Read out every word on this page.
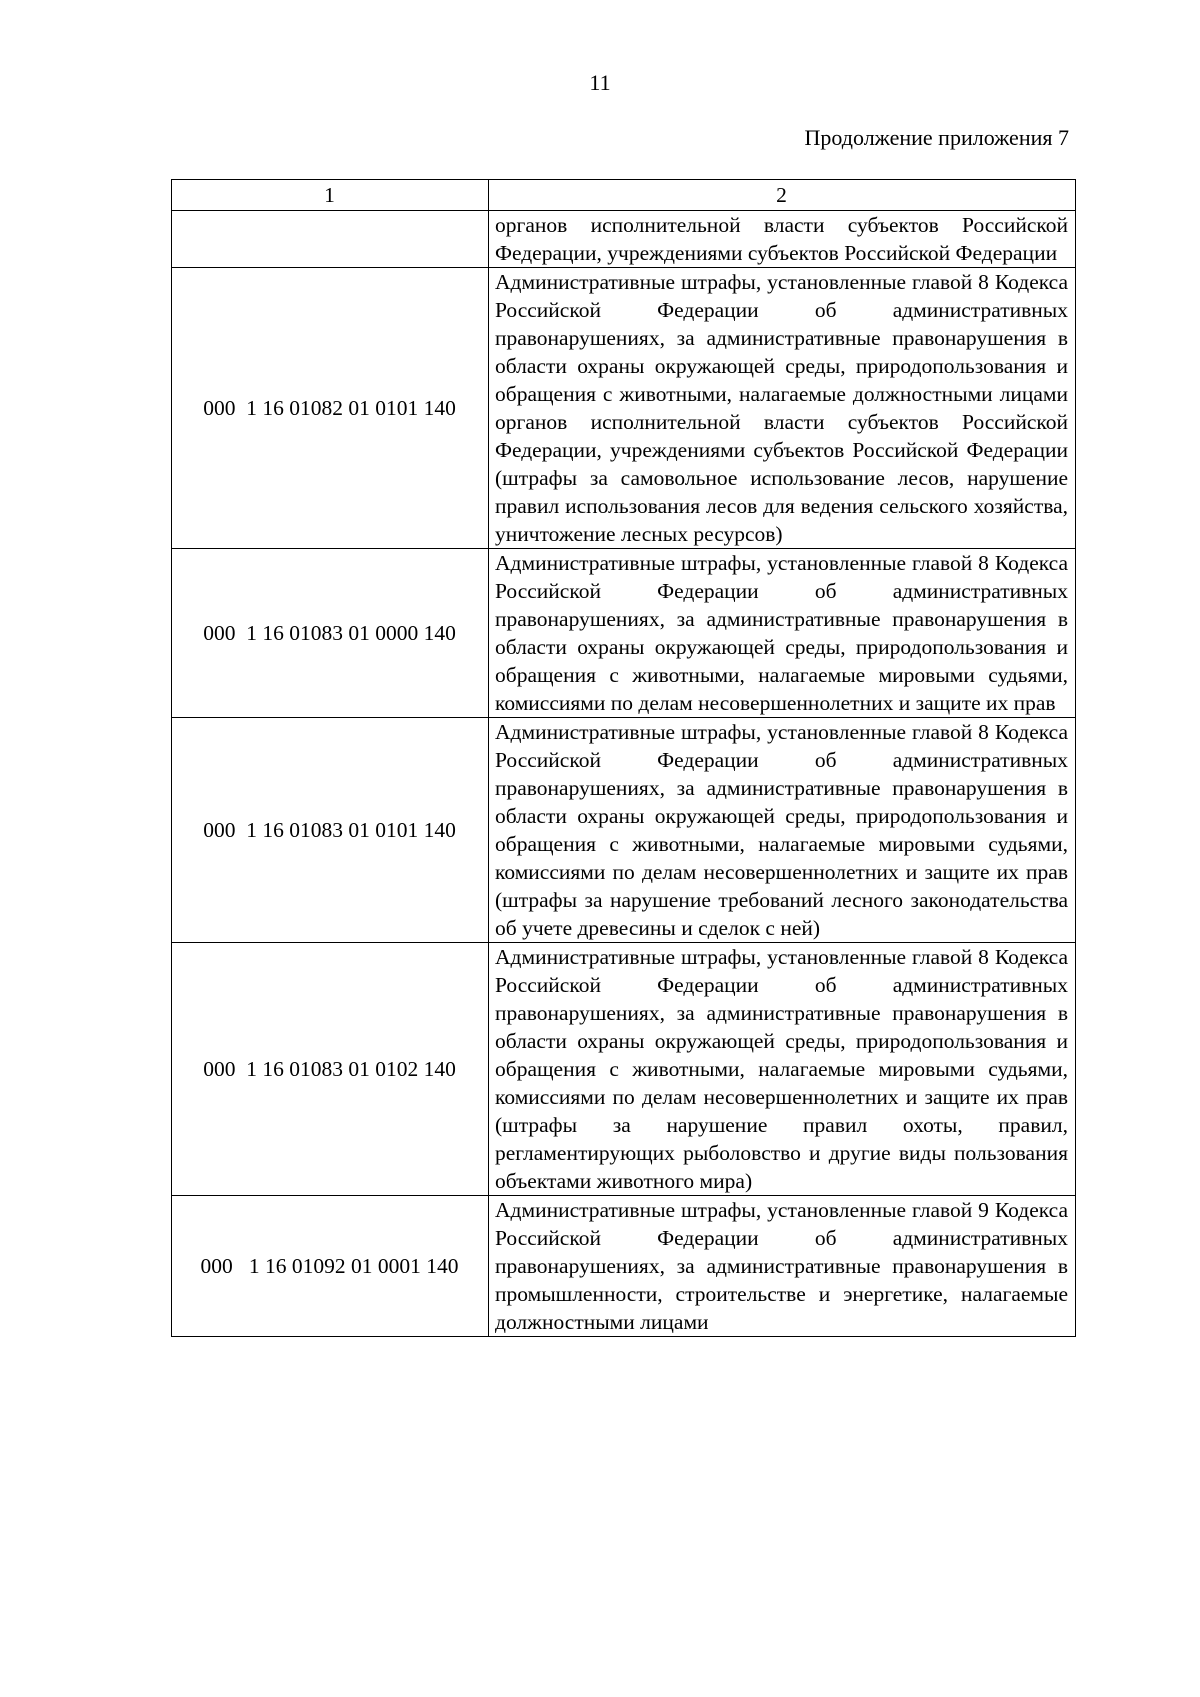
11
Продолжение приложения 7
1	2
	органов исполнительной власти субъектов Российской Федерации, учреждениями субъектов Российской Федерации
000  1 16 01082 01 0101 140	Административные штрафы, установленные главой 8 Кодекса Российской Федерации об административных правонарушениях, за административные правонарушения в области охраны окружающей среды, природопользования и обращения с животными, налагаемые должностными лицами органов исполнительной власти субъектов Российской Федерации, учреждениями субъектов Российской Федерации (штрафы за самовольное использование лесов, нарушение правил использования лесов для ведения сельского хозяйства, уничтожение лесных ресурсов)
000  1 16 01083 01 0000 140	Административные штрафы, установленные главой 8 Кодекса Российской Федерации об административных правонарушениях, за административные правонарушения в области охраны окружающей среды, природопользования и обращения с животными, налагаемые мировыми судьями, комиссиями по делам несовершеннолетних и защите их прав
000  1 16 01083 01 0101 140	Административные штрафы, установленные главой 8 Кодекса Российской Федерации об административных правонарушениях, за административные правонарушения в области охраны окружающей среды, природопользования и обращения с животными, налагаемые мировыми судьями, комиссиями по делам несовершеннолетних и защите их прав (штрафы за нарушение требований лесного законодательства об учете древесины и сделок с ней)
000  1 16 01083 01 0102 140	Административные штрафы, установленные главой 8 Кодекса Российской Федерации об административных правонарушениях, за административные правонарушения в области охраны окружающей среды, природопользования и обращения с животными, налагаемые мировыми судьями, комиссиями по делам несовершеннолетних и защите их прав (штрафы за нарушение правил охоты, правил, регламентирующих рыболовство и другие виды пользования объектами животного мира)
000   1 16 01092 01 0001 140	Административные штрафы, установленные главой 9 Кодекса Российской Федерации об административных правонарушениях, за административные правонарушения в промышленности, строительстве и энергетике, налагаемые должностными лицами
